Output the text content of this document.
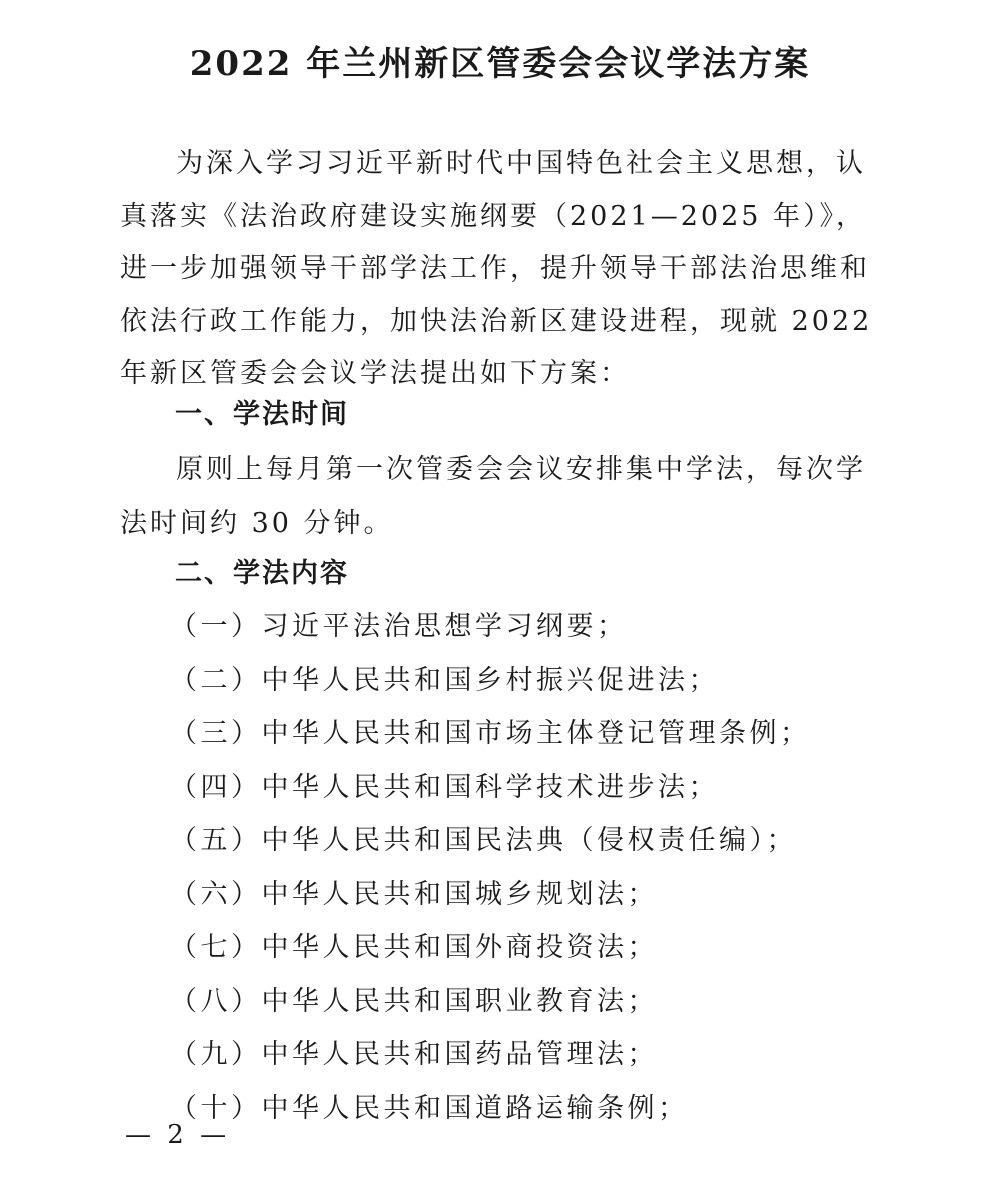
2022 年兰州新区管委会会议学法方案
为深入学习习近平新时代中国特色社会主义思想，认真落实《法治政府建设实施纲要（2021—2025 年）》，进一步加强领导干部学法工作，提升领导干部法治思维和依法行政工作能力，加快法治新区建设进程，现就 2022 年新区管委会会议学法提出如下方案：
一、学法时间
原则上每月第一次管委会会议安排集中学法，每次学法时间约 30 分钟。
二、学法内容
（一）习近平法治思想学习纲要；
（二）中华人民共和国乡村振兴促进法；
（三）中华人民共和国市场主体登记管理条例；
（四）中华人民共和国科学技术进步法；
（五）中华人民共和国民法典（侵权责任编）；
（六）中华人民共和国城乡规划法；
（七）中华人民共和国外商投资法；
（八）中华人民共和国职业教育法；
（九）中华人民共和国药品管理法；
（十）中华人民共和国道路运输条例；
— 2 —
